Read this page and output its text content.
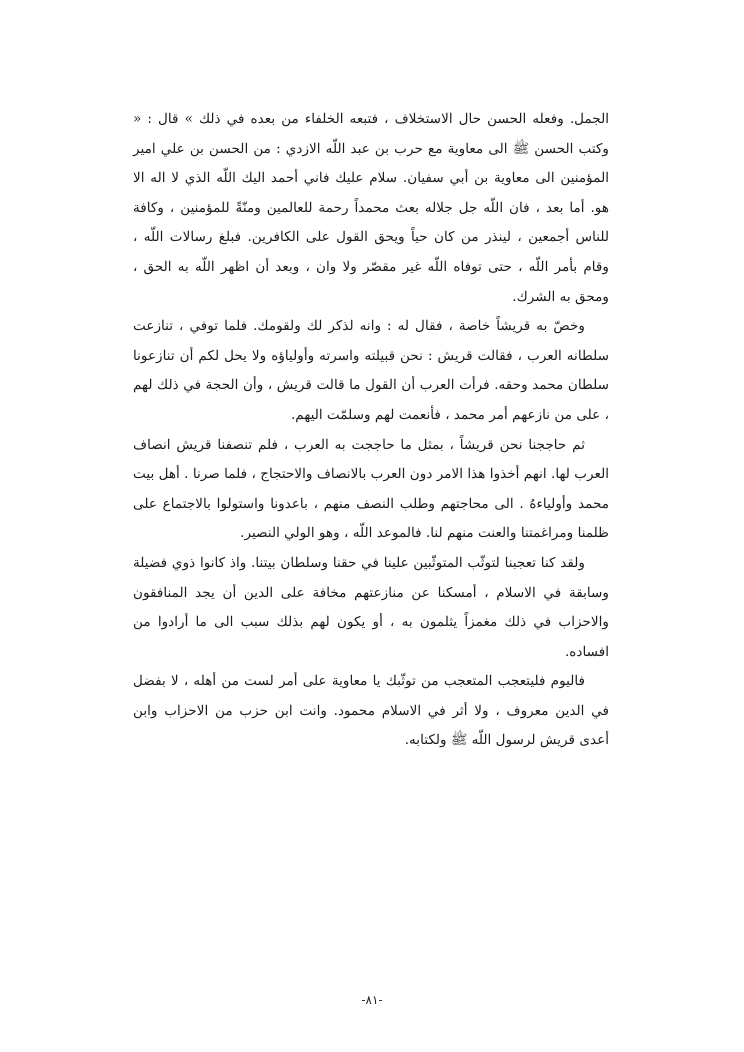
الجمل. وفعله الحسن حال الاستخلاف ، فتبعه الخلفاء من بعده في ذلك » قال : « وكتب الحسن ﷺ الى معاوية مع حرب بن عبد اللّه الازدي : من الحسن بن علي امير المؤمنين الى معاوية بن أبي سفيان. سلام عليك فاني أحمد اليك اللّه الذي لا اله الا هو. أما بعد ، فان اللّه جل جلاله بعث محمداً رحمة للعالمين ومنّةً للمؤمنين ، وكافة للناس أجمعين ، لينذر من كان حياً ويحق القول على الكافرين. فبلغ رسالات اللّه ، وقام بأمر اللّه ، حتى توفاه اللّه غير مقصّر ولا وان ، وبعد أن اظهر اللّه به الحق ، ومحق به الشرك.

وخصّ به قريشاً خاصة ، فقال له : وانه لذكر لك ولقومك. فلما توفي ، تنازعت سلطانه العرب ، فقالت قريش : نحن قبيلته واسرته وأولياؤه ولا يحل لكم أن تنازعونا سلطان محمد وحقه. فرأت العرب أن القول ما قالت قريش ، وأن الحجة في ذلك لهم ، على من نازعهم أمر محمد ، فأنعمت لهم وسلمّت اليهم.

ثم حاججنا نحن قريشاً ، بمثل ما حاججت به العرب ، فلم تنصفنا قريش انصاف العرب لها. انهم أخذوا هذا الامر دون العرب بالانصاف والاحتجاج ، فلما صرنا . أهل بيت محمد وأولياءهُ . الى محاجتهم وطلب النصف منهم ، باعدونا واستولوا بالاجتماع على ظلمنا ومراغمتنا والعنت منهم لنا. فالموعد اللّه ، وهو الولي النصير.

ولقد كنا تعجبنا لتوثّب المتوثّبين علينا في حقنا وسلطان بيتنا. واذ كانوا ذوي فضيلة وسابقة في الاسلام ، أمسكنا عن منازعتهم مخافة على الدين أن يجد المنافقون والاحزاب في ذلك مغمزاً يثلمون به ، أو يكون لهم بذلك سبب الى ما أرادوا من افساده.

فاليوم فليتعجب المتعجب من توثّبك يا معاوية على أمر لست من أهله ، لا بفضل في الدين معروف ، ولا أثر في الاسلام محمود. وانت ابن حزب من الاحزاب وابن أعدى قريش لرسول اللّه ﷺ ولكتابه.

-٨١-
